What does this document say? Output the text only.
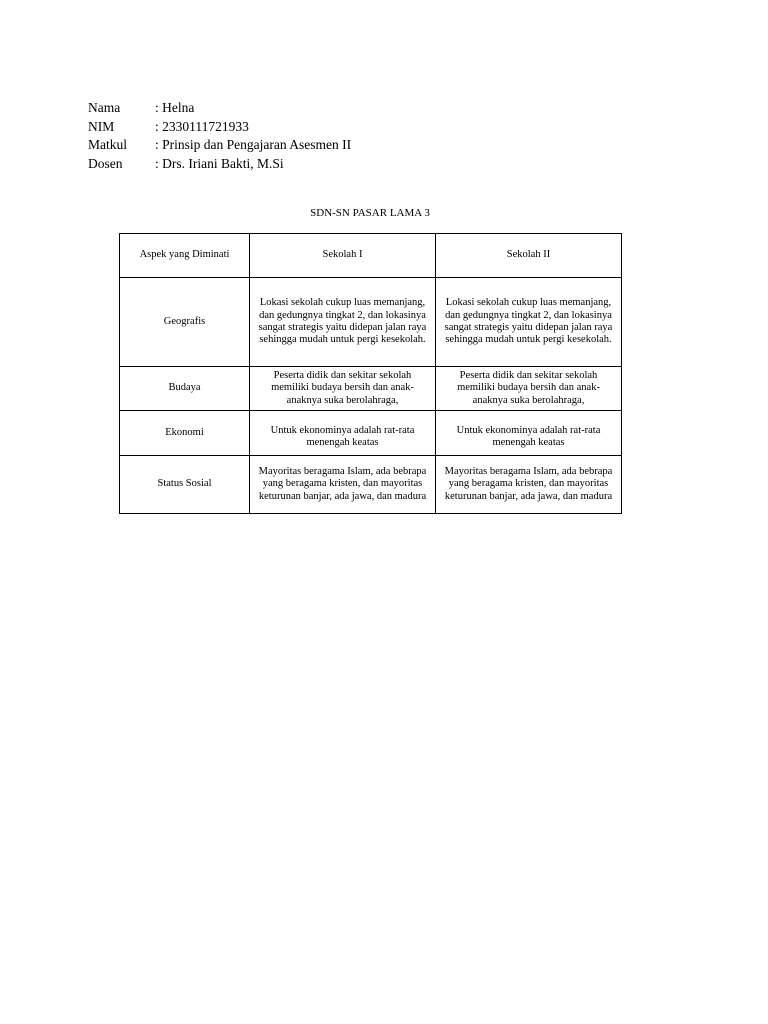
Nama	: Helna
NIM	: 2330111721933
Matkul	: Prinsip dan Pengajaran Asesmen II
Dosen	: Drs. Iriani Bakti, M.Si
SDN-SN PASAR LAMA 3
Aspek yang Diminati	Sekolah I	Sekolah II
Geografis	Lokasi sekolah cukup luas memanjang, dan gedungnya tingkat 2, dan lokasinya sangat strategis yaitu didepan jalan raya sehingga mudah untuk pergi kesekolah.	Lokasi sekolah cukup luas memanjang, dan gedungnya tingkat 2, dan lokasinya sangat strategis yaitu didepan jalan raya sehingga mudah untuk pergi kesekolah.
Budaya	Peserta didik dan sekitar sekolah memiliki budaya bersih dan anak-anaknya suka berolahraga,	Peserta didik dan sekitar sekolah memiliki budaya bersih dan anak-anaknya suka berolahraga,
Ekonomi	Untuk ekonominya adalah rat-rata menengah keatas	Untuk ekonominya adalah rat-rata menengah keatas
Status Sosial	Mayoritas beragama Islam, ada bebrapa yang beragama kristen, dan mayoritas keturunan banjar, ada jawa, dan madura	Mayoritas beragama Islam, ada bebrapa yang beragama kristen, dan mayoritas keturunan banjar, ada jawa, dan madura
